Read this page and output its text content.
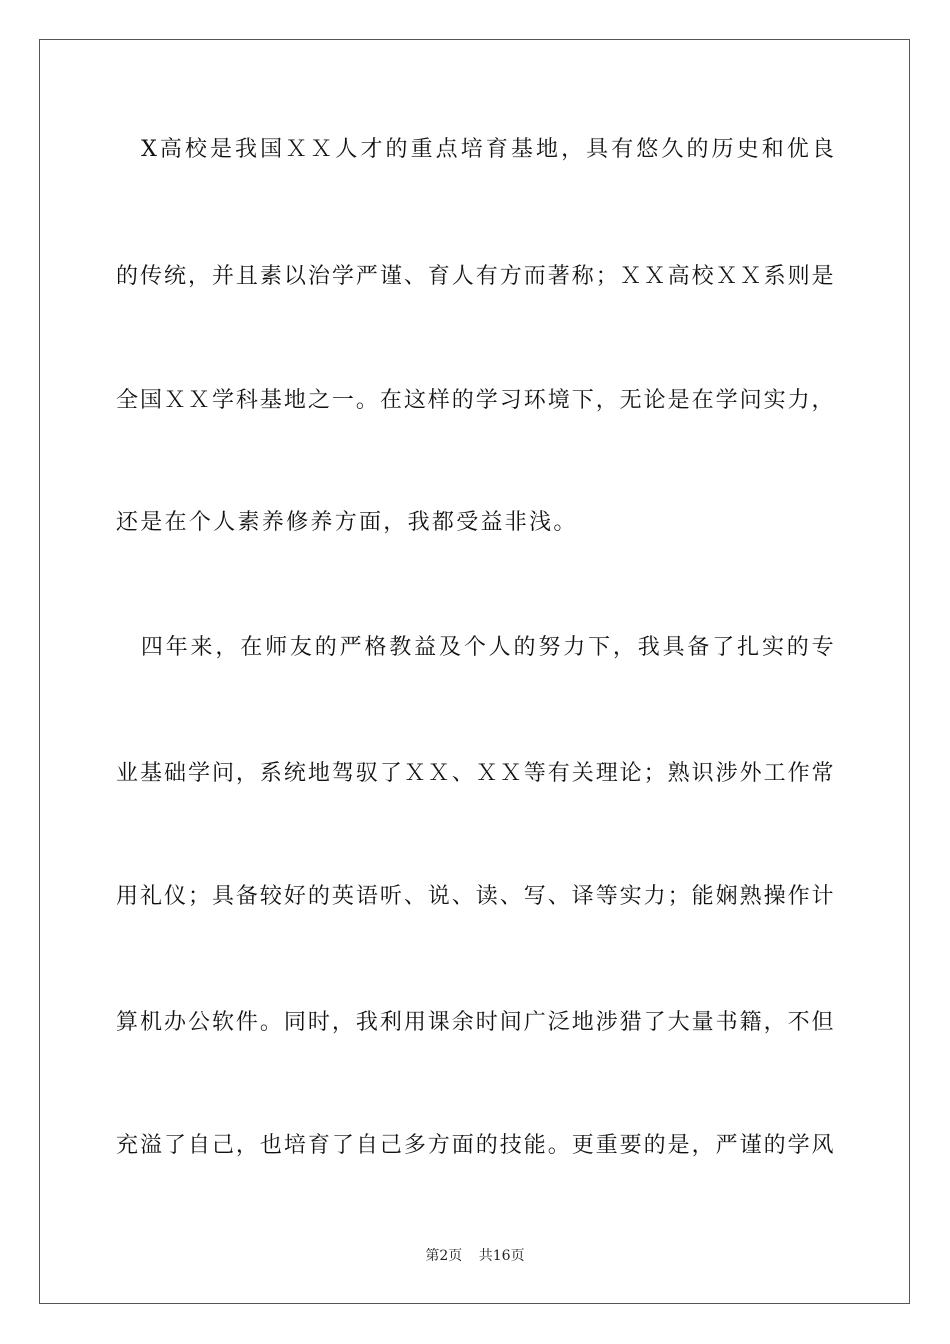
X 高 校 是 我 国 Ｘ Ｘ 人 才 的 重 点 培 育 基 地 ， 具 有 悠 久 的 历 史 和 优 良
的 传 统 ， 并 且 素 以 治 学 严 谨 、 育 人 有 方 而 著 称 ； Ｘ Ｘ 高 校 Ｘ Ｘ 系 则 是
全 国 Ｘ Ｘ 学 科 基 地 之 一 。 在 这 样 的 学 习 环 境 下 ， 无 论 是 在 学 问 实 力 ，
还是在个人素养修养方面，我都受益非浅。

四 年 来 ， 在 师 友 的 严 格 教 益 及 个 人 的 努 力 下 ， 我 具 备 了 扎 实 的 专
业 基 础 学 问 ， 系 统 地 驾 驭 了 Ｘ Ｘ 、 Ｘ Ｘ 等 有 关 理 论 ； 熟 识 涉 外 工 作 常
用 礼 仪 ； 具 备 较 好 的 英 语 听 、 说 、 读 、 写 、 译 等 实 力 ； 能 娴 熟 操 作 计
算 机 办 公 软 件 。 同 时 ， 我 利 用 课 余 时 间 广 泛 地 涉 猎 了 大 量 书 籍 ， 不 但
充 溢 了 自 己 ， 也 培 育 了 自 己 多 方 面 的 技 能 。 更 重 要 的 是 ， 严 谨 的 学 风
第2页 共16页
